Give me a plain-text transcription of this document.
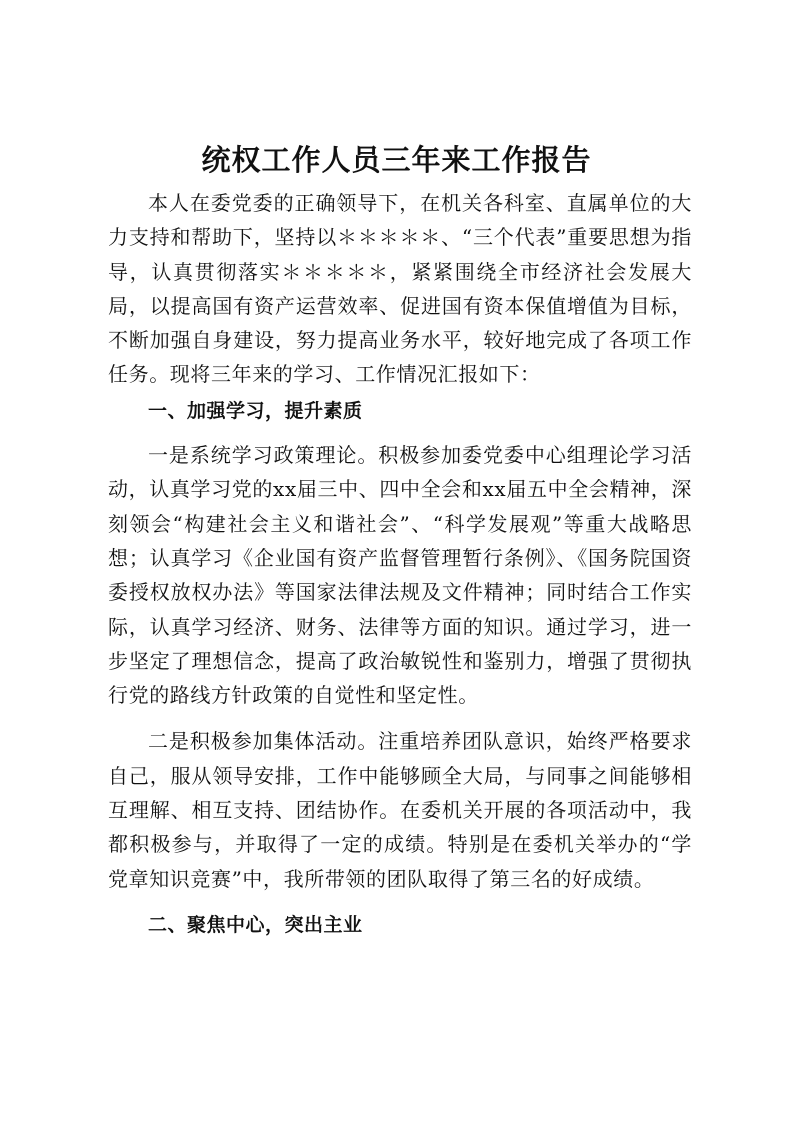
统权工作人员三年来工作报告

本人在委党委的正确领导下，在机关各科室、直属单位的大力支持和帮助下，坚持以＊＊＊＊＊、“三个代表”重要思想为指导，认真贯彻落实＊＊＊＊＊，紧紧围绕全市经济社会发展大局，以提高国有资产运营效率、促进国有资本保值增值为目标，不断加强自身建设，努力提高业务水平，较好地完成了各项工作任务。现将三年来的学习、工作情况汇报如下：

一、加强学习，提升素质

一是系统学习政策理论。积极参加委党委中心组理论学习活动，认真学习党的xx届三中、四中全会和xx届五中全会精神，深刻领会“构建社会主义和谐社会”、“科学发展观”等重大战略思想；认真学习《企业国有资产监督管理暂行条例》、《国务院国资委授权放权办法》等国家法律法规及文件精神；同时结合工作实际，认真学习经济、财务、法律等方面的知识。通过学习，进一步坚定了理想信念，提高了政治敏锐性和鉴别力，增强了贯彻执行党的路线方针政策的自觉性和坚定性。

二是积极参加集体活动。注重培养团队意识，始终严格要求自己，服从领导安排，工作中能够顾全大局，与同事之间能够相互理解、相互支持、团结协作。在委机关开展的各项活动中，我都积极参与，并取得了一定的成绩。特别是在委机关举办的“学党章知识竞赛”中，我所带领的团队取得了第三名的好成绩。

二、聚焦中心，突出主业
